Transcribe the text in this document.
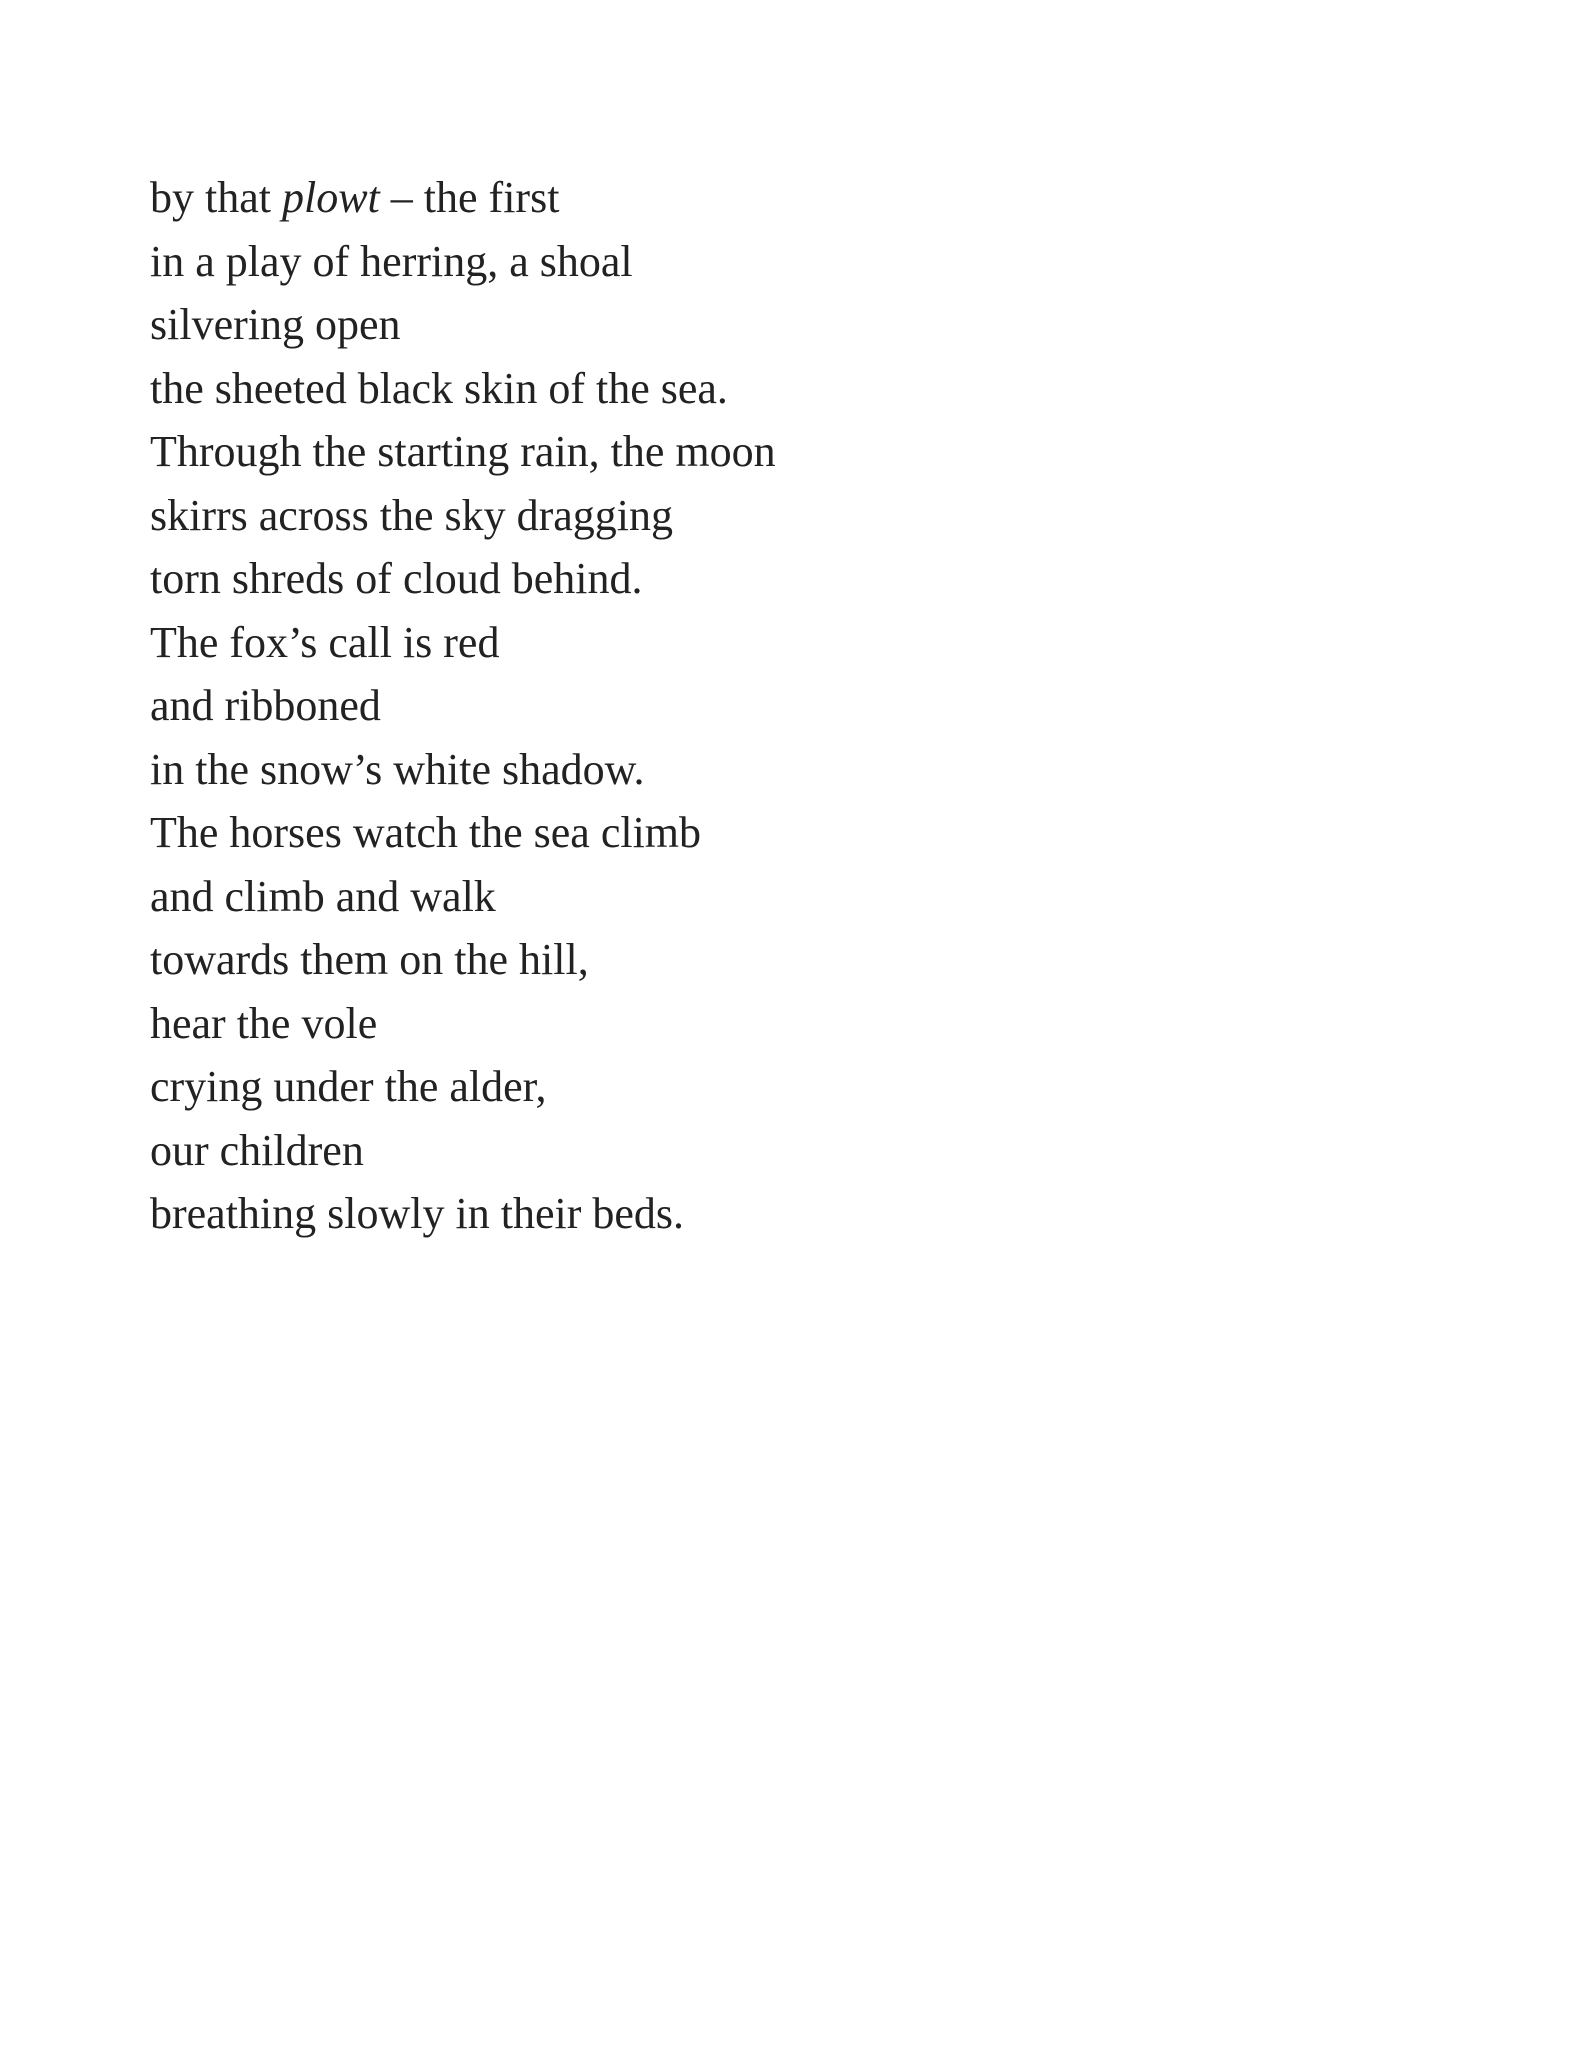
by that plowt – the first
in a play of herring, a shoal
silvering open
the sheeted black skin of the sea.
Through the starting rain, the moon
skirrs across the sky dragging
torn shreds of cloud behind.
The fox’s call is red
and ribboned
in the snow’s white shadow.
The horses watch the sea climb
and climb and walk
towards them on the hill,
hear the vole
crying under the alder,
our children
breathing slowly in their beds.
